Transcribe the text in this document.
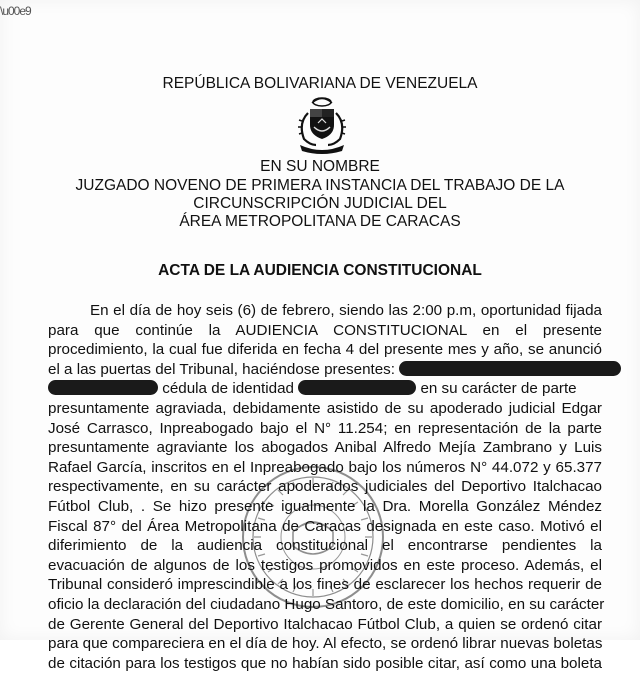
\u00e9
REPÚBLICA BOLIVARIANA DE VENEZUELA
EN SU NOMBRE
JUZGADO NOVENO DE PRIMERA INSTANCIA DEL TRABAJO DE LA
CIRCUNSCRIPCIÓN JUDICIAL DEL
ÁREA METROPOLITANA DE CARACAS
ACTA DE LA AUDIENCIA CONSTITUCIONAL
En el día de hoy seis (6) de febrero, siendo las 2:00 p.m, oportunidad fijada
para que continúe la AUDIENCIA CONSTITUCIONAL en el presente
procedimiento, la cual fue diferida en fecha 4 del presente mes y año, se anunció
el a las puertas del Tribunal, haciéndose presentes:
cédula de identidad	en su carácter de parte
presuntamente agraviada, debidamente asistido de su apoderado judicial Edgar
José Carrasco, Inpreabogado bajo el N° 11.254; en representación de la parte
presuntamente agraviante los abogados Anibal Alfredo Mejía Zambrano y Luis
Rafael García, inscritos en el Inpreabogado bajo los números N° 44.072 y 65.377
respectivamente, en su carácter apoderados judiciales del Deportivo Italchacao
Fútbol Club, . Se hizo presente igualmente la Dra. Morella González Méndez
Fiscal 87° del Área Metropolitana de Caracas designada en este caso. Motivó el
diferimiento de la audiencia constitucional el encontrarse pendientes la
evacuación de algunos de los testigos promovidos en este proceso. Además, el
Tribunal consideró imprescindible a los fines de esclarecer los hechos requerir de
oficio la declaración del ciudadano Hugo Santoro, de este domicilio, en su carácter
de Gerente General del Deportivo Italchacao Fútbol Club, a quien se ordenó citar
para que compareciera en el día de hoy. Al efecto, se ordenó librar nuevas boletas
de citación para los testigos que no habían sido posible citar, así como una boleta
